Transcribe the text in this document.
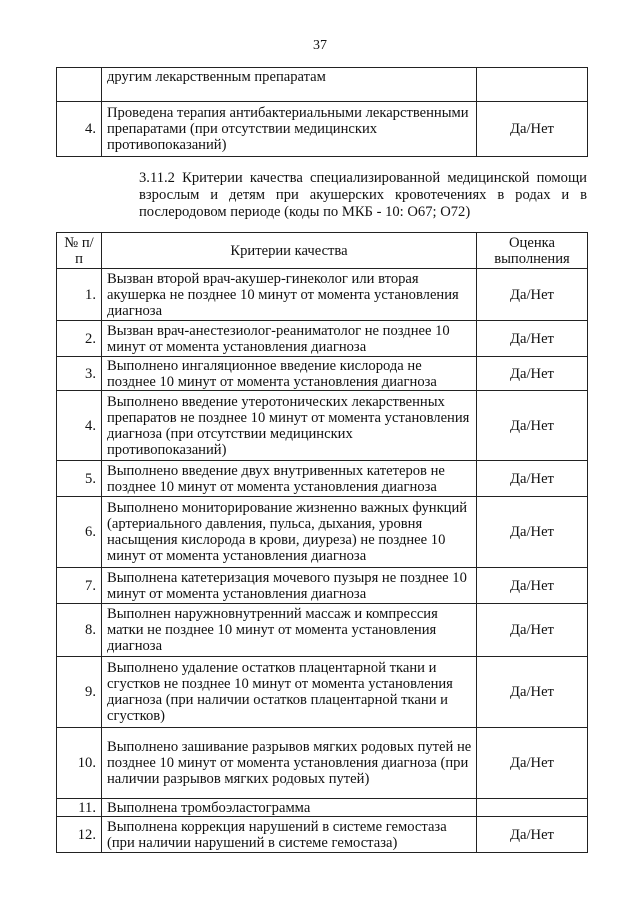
37
	другим лекарственным препаратам	
4.	Проведена терапия антибактериальными лекарственными препаратами (при отсутствии медицинских противопоказаний)	Да/Нет

3.11.2 Критерии качества специализированной медицинской помощи взрослым и детям при акушерских кровотечениях в родах и в послеродовом периоде (коды по МКБ - 10: O67; O72)

№ п/п	Критерии качества	Оценка выполнения
1.	Вызван второй врач-акушер-гинеколог или вторая акушерка не позднее 10 минут от момента установления диагноза	Да/Нет
2.	Вызван врач-анестезиолог-реаниматолог не позднее 10 минут от момента установления диагноза	Да/Нет
3.	Выполнено ингаляционное введение кислорода не позднее 10 минут от момента установления диагноза	Да/Нет
4.	Выполнено введение утеротонических лекарственных препаратов не позднее 10 минут от момента установления диагноза (при отсутствии медицинских противопоказаний)	Да/Нет
5.	Выполнено введение двух внутривенных катетеров не позднее 10 минут от момента установления диагноза	Да/Нет
6.	Выполнено мониторирование жизненно важных функций (артериального давления, пульса, дыхания, уровня насыщения кислорода в крови, диуреза) не позднее 10 минут от момента установления диагноза	Да/Нет
7.	Выполнена катетеризация мочевого пузыря не позднее 10 минут от момента установления диагноза	Да/Нет
8.	Выполнен наружновнутренний массаж и компрессия матки не позднее 10 минут от момента установления диагноза	Да/Нет
9.	Выполнено удаление остатков плацентарной ткани и сгустков не позднее 10 минут от момента установления диагноза (при наличии остатков плацентарной ткани и сгустков)	Да/Нет
10.	Выполнено зашивание разрывов мягких родовых путей не позднее 10 минут от момента установления диагноза (при наличии разрывов мягких родовых путей)	Да/Нет
11.	Выполнена тромбоэластограмма	
12.	Выполнена коррекция нарушений в системе гемостаза (при наличии нарушений в системе гемостаза)	Да/Нет
